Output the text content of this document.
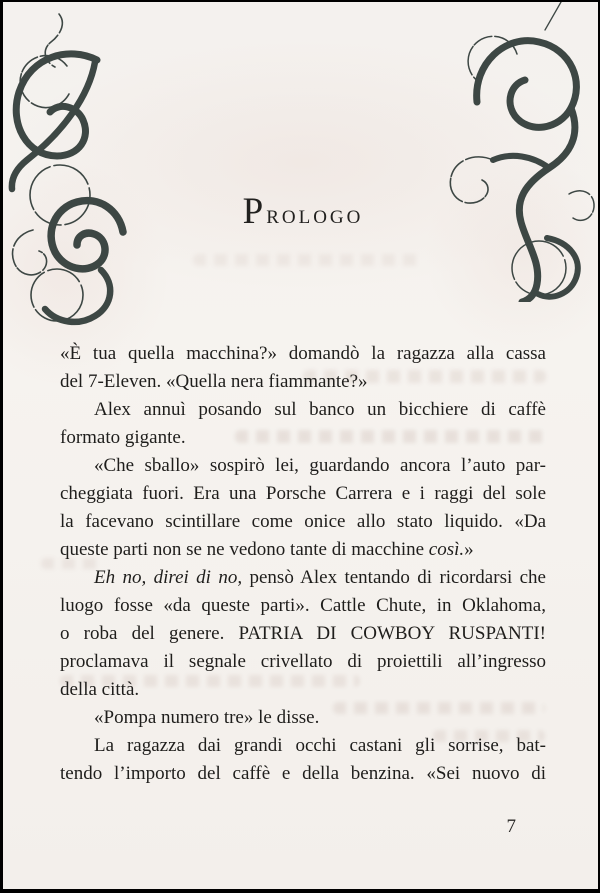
Prologo
«È tua quella macchina?» domandò la ragazza alla cassa
del 7-Eleven. «Quella nera fiammante?»
Alex annuì posando sul banco un bicchiere di caffè
formato gigante.
«Che sballo» sospirò lei, guardando ancora l’auto par-
cheggiata fuori. Era una Porsche Carrera e i raggi del sole
la facevano scintillare come onice allo stato liquido. «Da
queste parti non se ne vedono tante di macchine così.»
Eh no, direi di no, pensò Alex tentando di ricordarsi che
luogo fosse «da queste parti». Cattle Chute, in Oklahoma,
o roba del genere. PATRIA DI COWBOY RUSPANTI!
proclamava il segnale crivellato di proiettili all’ingresso
della città.
«Pompa numero tre» le disse.
La ragazza dai grandi occhi castani gli sorrise, bat-
tendo l’importo del caffè e della benzina. «Sei nuovo di
7
